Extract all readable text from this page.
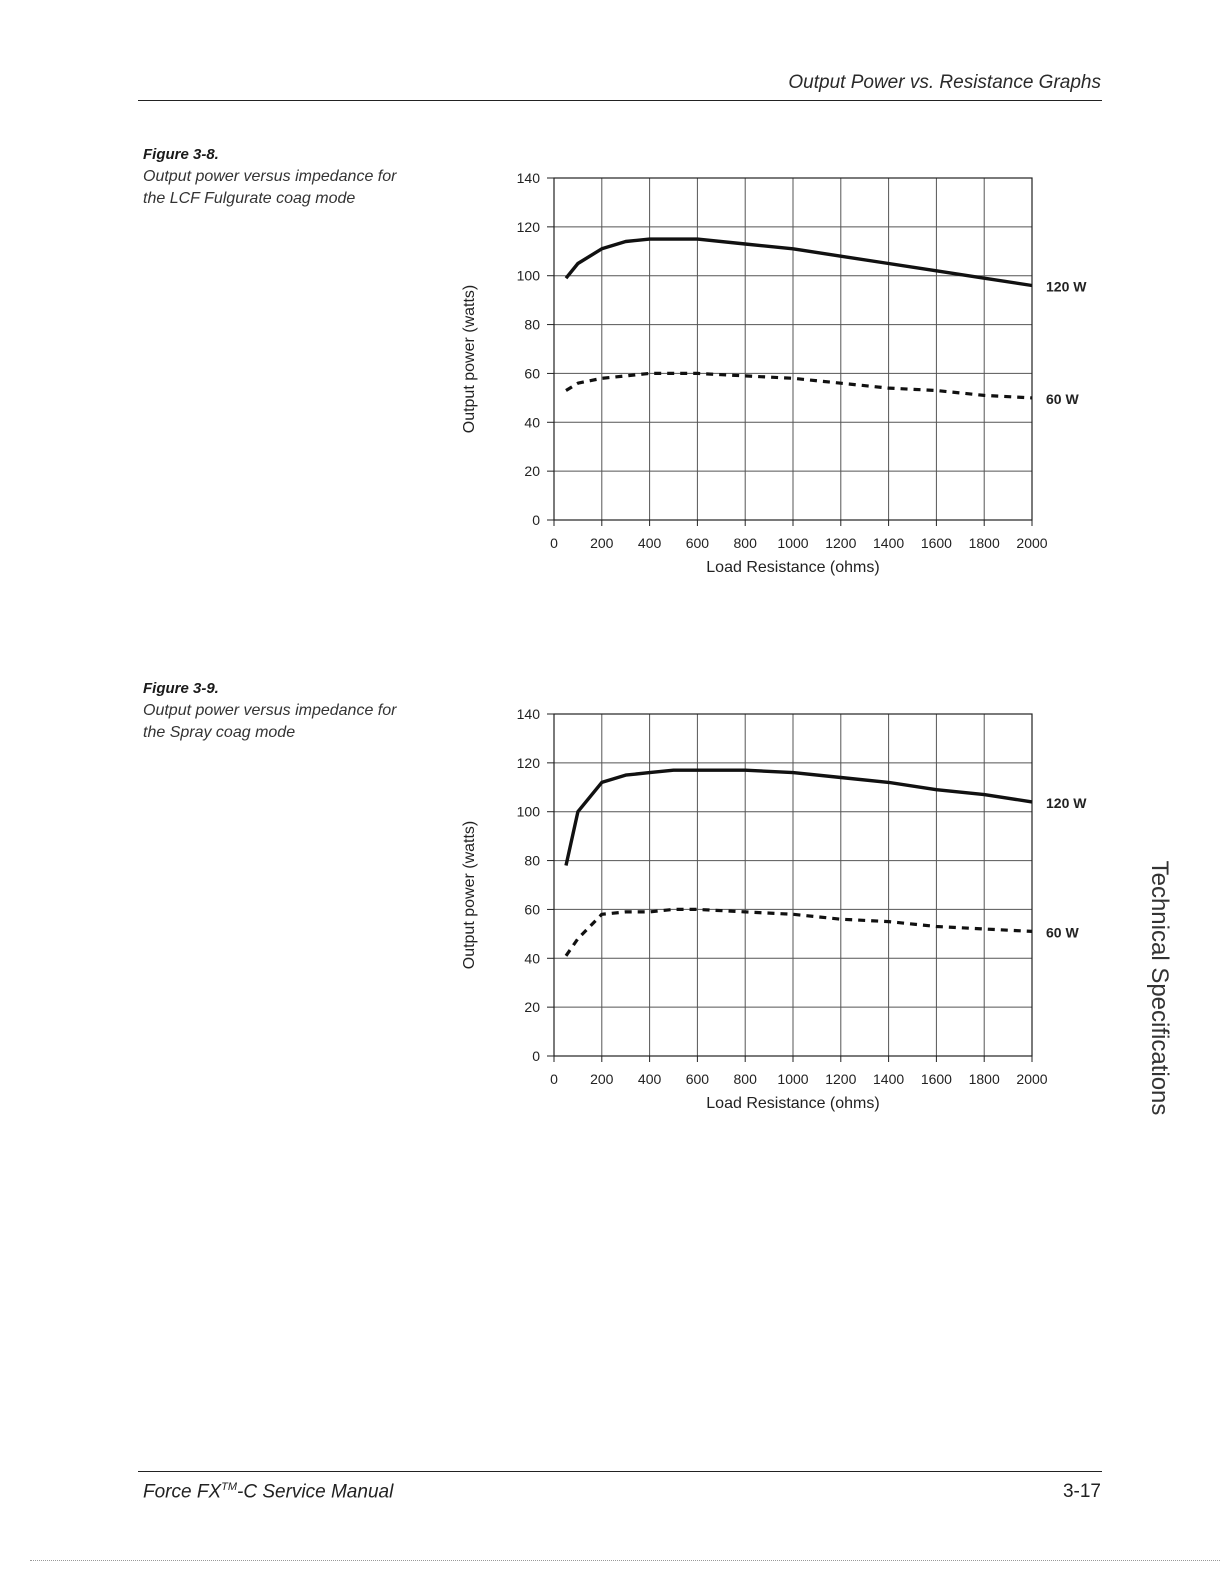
Output Power vs. Resistance Graphs
Figure 3-8.
Output power versus impedance for the LCF Fulgurate coag mode
0
20
40
60
80
100
120
140
0 200 400 600 800 1000 1200 1400 1600 1800 2000
Load Resistance (ohms)
Output power (watts)	120 W
60 W
Figure 3-9.
Output power versus impedance for the Spray coag mode
0
20
40
60
80
100
120
140
0 200 400 600 800 1000 1200 1400 1600 1800 2000
Load Resistance (ohms)
Output power (watts)
120 W
60 W	Technical Specifications
Force FX™-C Service Manual	3-17
